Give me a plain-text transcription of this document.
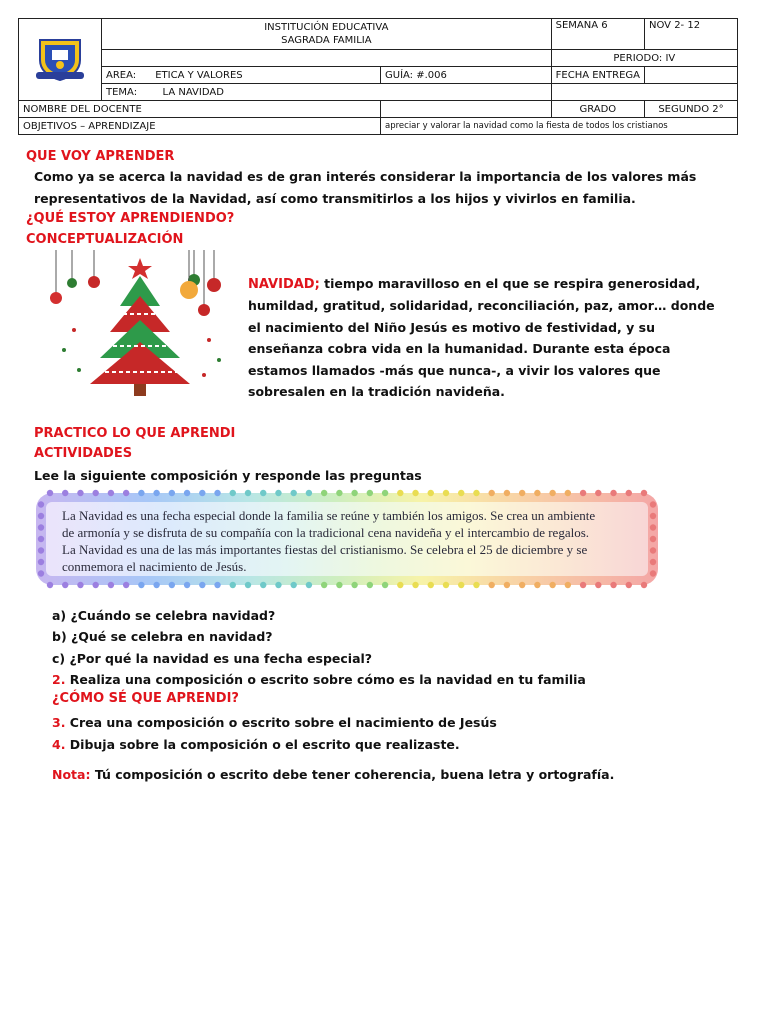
INSTITUCIÓN EDUCATIVA
SAGRADA FAMILIA		SEMANA 6	NOV 2- 12
			PERIODO: IV	
	AREA: ETICA Y VALORES	GUÍA: #.006	FECHA ENTREGA	
	TEMA: LA NAVIDAD			
NOMBRE DEL DOCENTE			GRADO	SEGUNDO 2°
OBJETIVOS – APRENDIZAJE		apreciar y valorar la navidad como la fiesta de todos los cristianos		
QUE VOY APRENDER
Como ya se acerca la navidad es de gran interés considerar la importancia de los valores más
representativos de la Navidad, así como transmitirlos a los hijos y vivirlos en familia.
¿QUÉ ESTOY APRENDIENDO?
CONCEPTUALIZACIÓN
NAVIDAD; tiempo maravilloso en el que se respira generosidad,
humildad, gratitud, solidaridad, reconciliación, paz, amor… donde
el nacimiento del Niño Jesús es motivo de festividad, y su
enseñanza cobra vida en la humanidad. Durante esta época
estamos llamados -más que nunca-, a vivir los valores que
sobresalen en la tradición navideña.
PRACTICO LO QUE APRENDI
ACTIVIDADES
Lee la siguiente composición y responde las preguntas

La Navidad es una fecha especial donde la familia se reúne y también los amigos. Se crea un ambiente
de armonía y se disfruta de su compañía con la tradicional cena navideña y el intercambio de regalos.
La Navidad es una de las más importantes fiestas del cristianismo. Se celebra el 25 de diciembre y se
conmemora el nacimiento de Jesús.

a) ¿Cuándo se celebra navidad?
b) ¿Qué se celebra en navidad?
c) ¿Por qué la navidad es una fecha especial?
2. Realiza una composición o escrito sobre cómo es la navidad en tu familia
¿CÓMO SÉ QUE APRENDI?
3. Crea una composición o escrito sobre el nacimiento de Jesús
4. Dibuja sobre la composición o el escrito que realizaste.
Nota: Tú composición o escrito debe tener coherencia, buena letra y ortografía.
